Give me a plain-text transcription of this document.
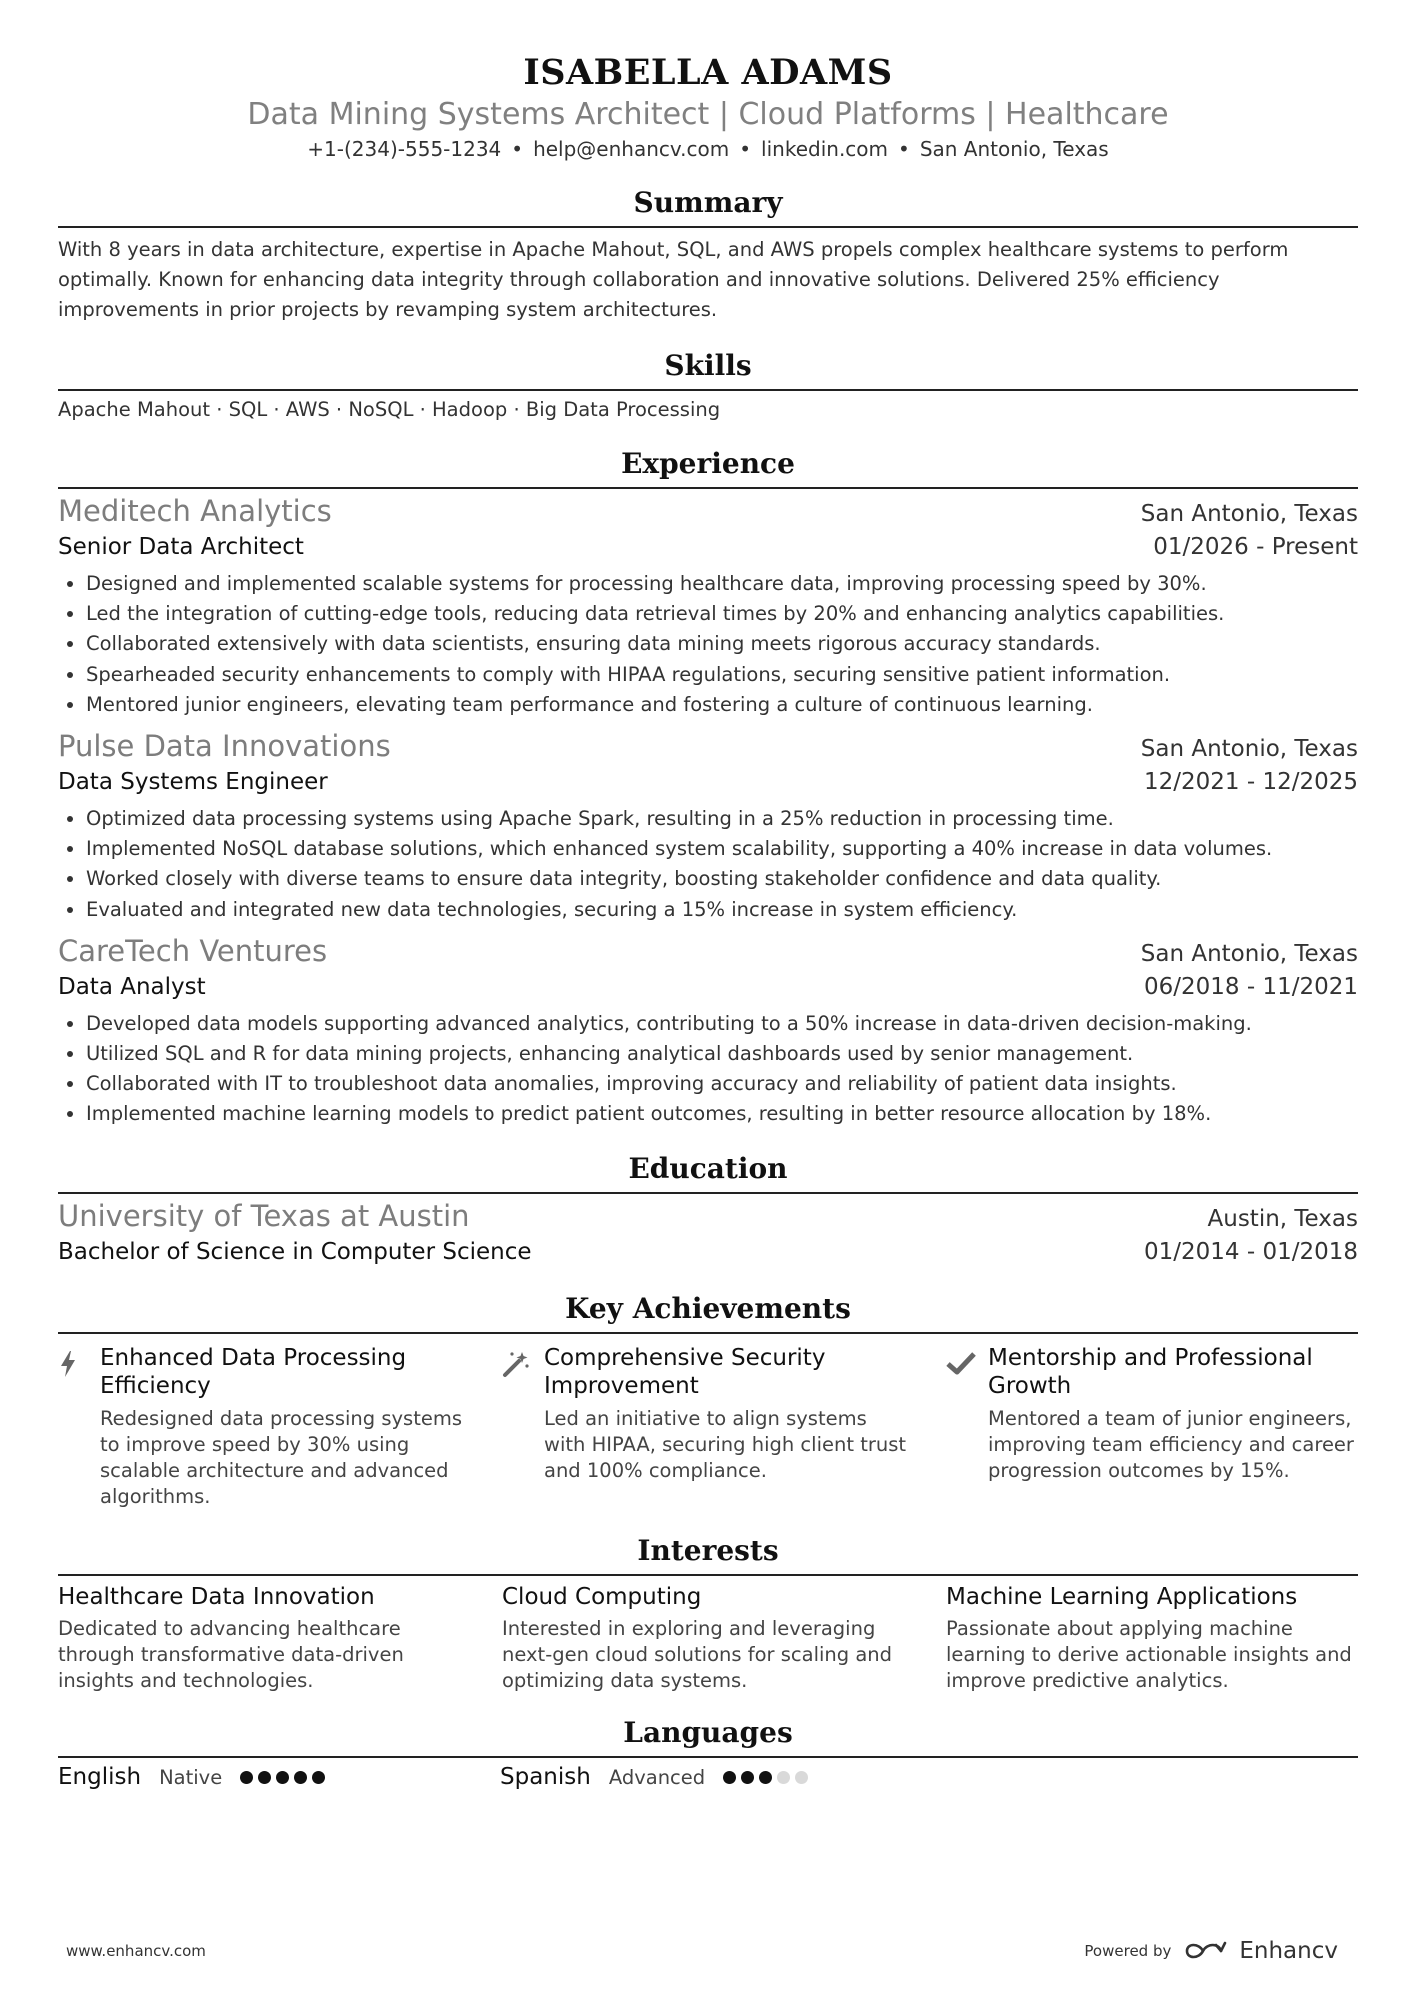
ISABELLA ADAMS
Data Mining Systems Architect | Cloud Platforms | Healthcare
+1-(234)-555-1234 • help@enhancv.com • linkedin.com • San Antonio, Texas
Summary
With 8 years in data architecture, expertise in Apache Mahout, SQL, and AWS propels complex healthcare systems to perform optimally. Known for enhancing data integrity through collaboration and innovative solutions. Delivered 25% efficiency improvements in prior projects by revamping system architectures.
Skills
Apache Mahout · SQL · AWS · NoSQL · Hadoop · Big Data Processing
Experience
Meditech Analytics	San Antonio, Texas
Senior Data Architect	01/2026 - Present
• Designed and implemented scalable systems for processing healthcare data, improving processing speed by 30%.
• Led the integration of cutting-edge tools, reducing data retrieval times by 20% and enhancing analytics capabilities.
• Collaborated extensively with data scientists, ensuring data mining meets rigorous accuracy standards.
• Spearheaded security enhancements to comply with HIPAA regulations, securing sensitive patient information.
• Mentored junior engineers, elevating team performance and fostering a culture of continuous learning.
Pulse Data Innovations	San Antonio, Texas
Data Systems Engineer	12/2021 - 12/2025
• Optimized data processing systems using Apache Spark, resulting in a 25% reduction in processing time.
• Implemented NoSQL database solutions, which enhanced system scalability, supporting a 40% increase in data volumes.
• Worked closely with diverse teams to ensure data integrity, boosting stakeholder confidence and data quality.
• Evaluated and integrated new data technologies, securing a 15% increase in system efficiency.
CareTech Ventures	San Antonio, Texas
Data Analyst	06/2018 - 11/2021
• Developed data models supporting advanced analytics, contributing to a 50% increase in data-driven decision-making.
• Utilized SQL and R for data mining projects, enhancing analytical dashboards used by senior management.
• Collaborated with IT to troubleshoot data anomalies, improving accuracy and reliability of patient data insights.
• Implemented machine learning models to predict patient outcomes, resulting in better resource allocation by 18%.
Education
University of Texas at Austin	Austin, Texas
Bachelor of Science in Computer Science	01/2014 - 01/2018
Key Achievements
Enhanced Data Processing Efficiency
Redesigned data processing systems to improve speed by 30% using scalable architecture and advanced algorithms.
Comprehensive Security Improvement
Led an initiative to align systems with HIPAA, securing high client trust and 100% compliance.
Mentorship and Professional Growth
Mentored a team of junior engineers, improving team efficiency and career progression outcomes by 15%.
Interests
Healthcare Data Innovation
Dedicated to advancing healthcare through transformative data-driven insights and technologies.
Cloud Computing
Interested in exploring and leveraging next-gen cloud solutions for scaling and optimizing data systems.
Machine Learning Applications
Passionate about applying machine learning to derive actionable insights and improve predictive analytics.
Languages
English Native	Spanish Advanced
www.enhancv.com	Powered by	Enhancv
